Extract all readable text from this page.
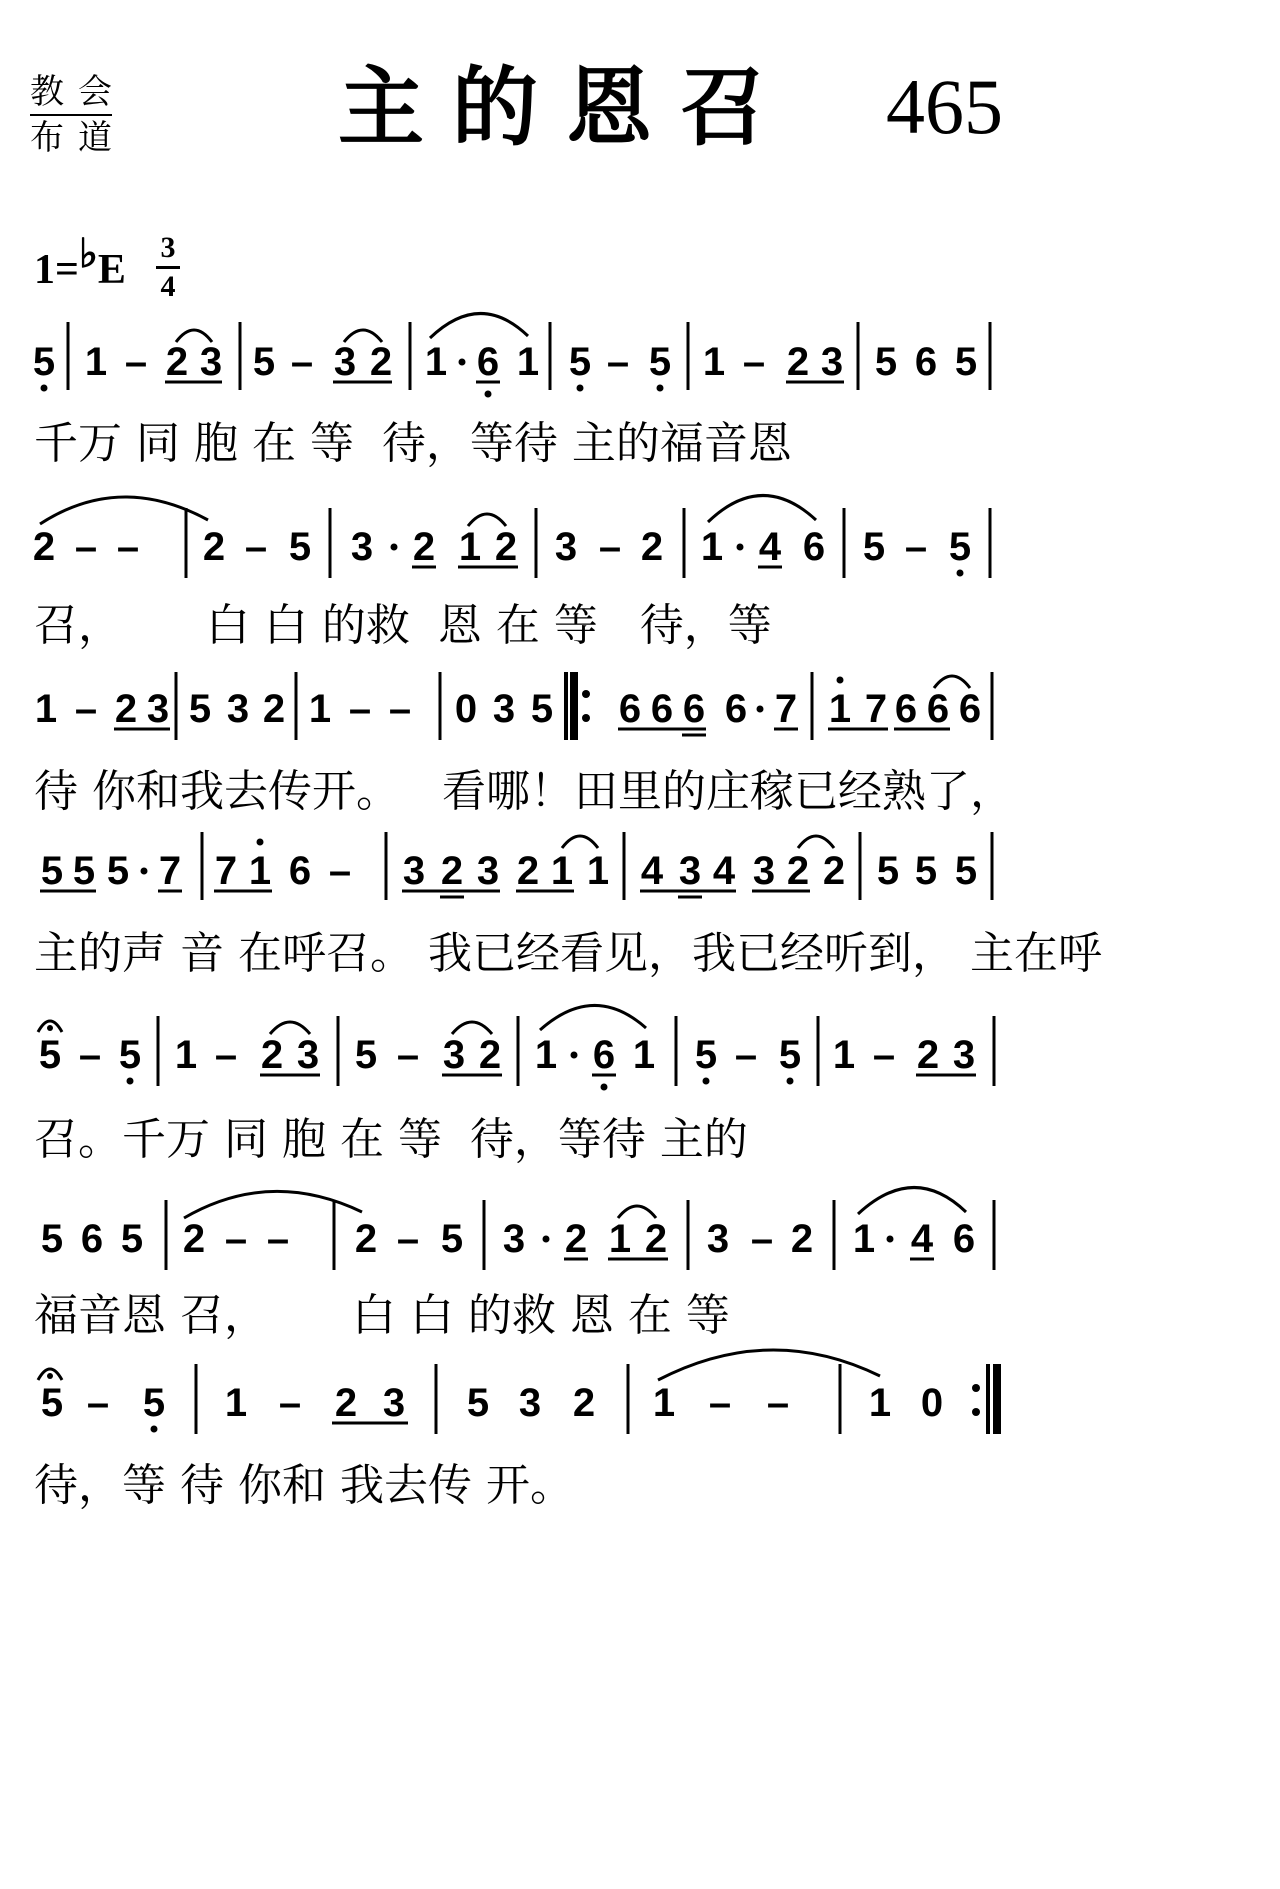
教会
布道 主的恩召 465
1=♭E 3
4
5 1 – 2 3 5 – 3 2 1 6 1 5 – 5 1 – 2 3 5 6 5
2 – – 2 – 5 3 2 1 2 3 – 2 1 4 6 5 – 5
1 – 2 3 5 3 2 1 – – 0 3 5 6 6 6 6 7 1 7 6 6 6
5 5 5 7 7 1 6 – 3 2 3 2 1 1 4 3 4 3 2 2 5 5 5
5 – 5 1 – 2 3 5 – 3 2 1 6 1 5 – 5 1 – 2 3
5 6 5 2 – – 2 – 5 3 2 1 2 3 – 2 1 4 6
5 – 5 1 – 2 3 5 3 2 1 – – 1 0
千万 同 胞 在 等  待，等待 主的福音恩
召，      白 白 的救  恩 在 等   待，等
待 你和我去传开。   看哪！田里的庄稼已经熟了，
主的声 音 在呼召。 我已经看见，我已经听到， 主在呼
召。千万 同 胞 在 等  待，等待 主的
福音恩 召，      白 白 的救 恩 在 等
待，等 待 你和 我去传 开。
